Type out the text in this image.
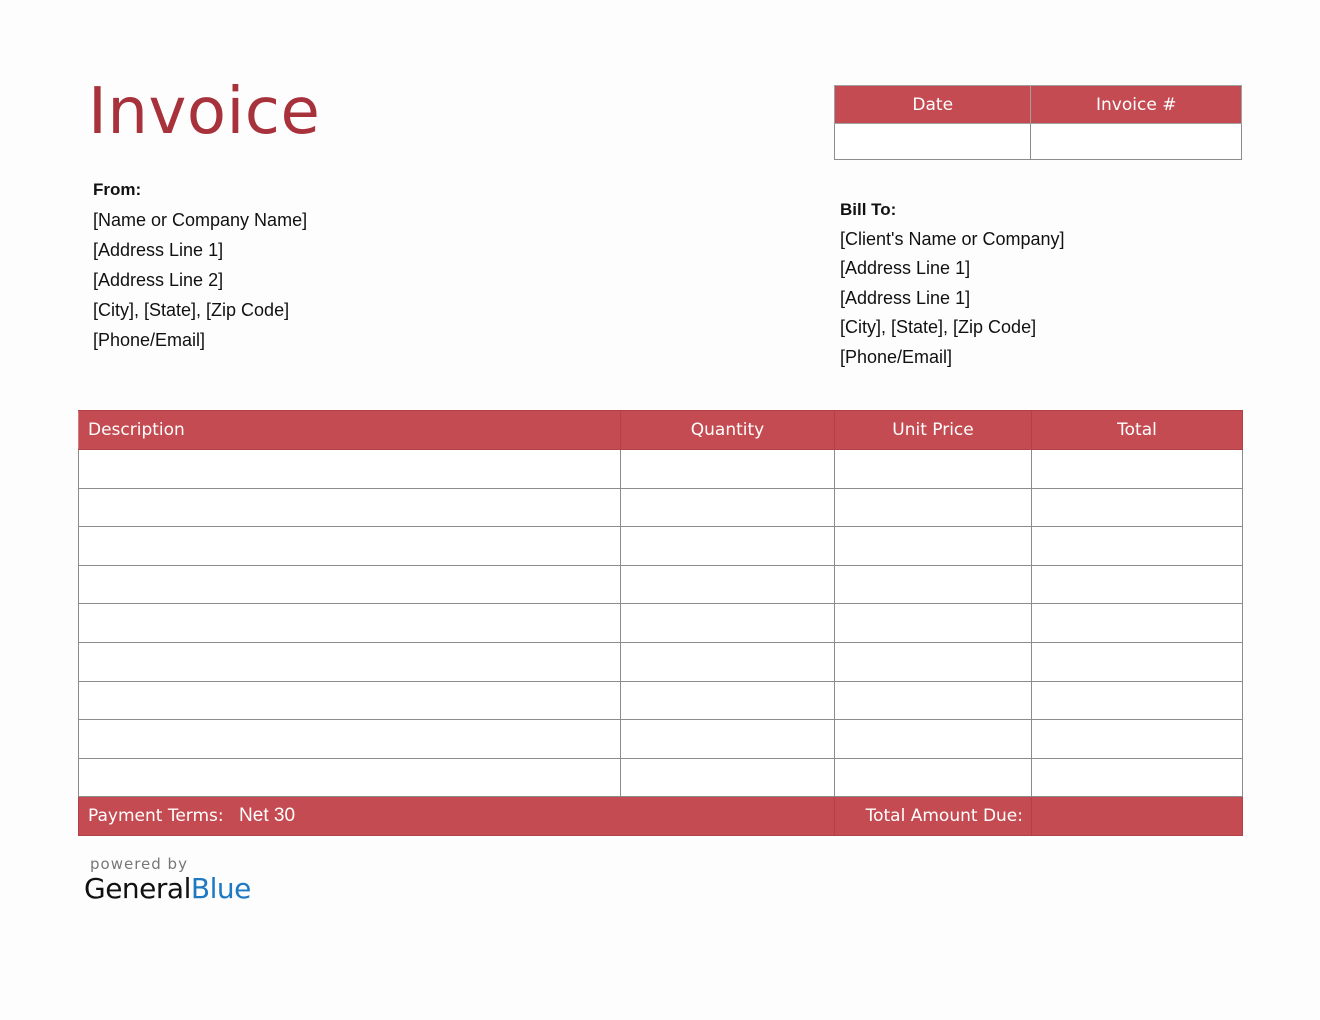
Invoice	Date	Invoice #

From:
[Name or Company Name]
[Address Line 1]
[Address Line 2]
[City], [State], [Zip Code]
[Phone/Email]
Bill To:
[Client's Name or Company]
[Address Line 1]
[Address Line 1]
[City], [State], [Zip Code]
[Phone/Email]
Description	Quantity	Unit Price	Total

Payment Terms: Net 30		Total Amount Due:	
powered by
GeneralBlue
